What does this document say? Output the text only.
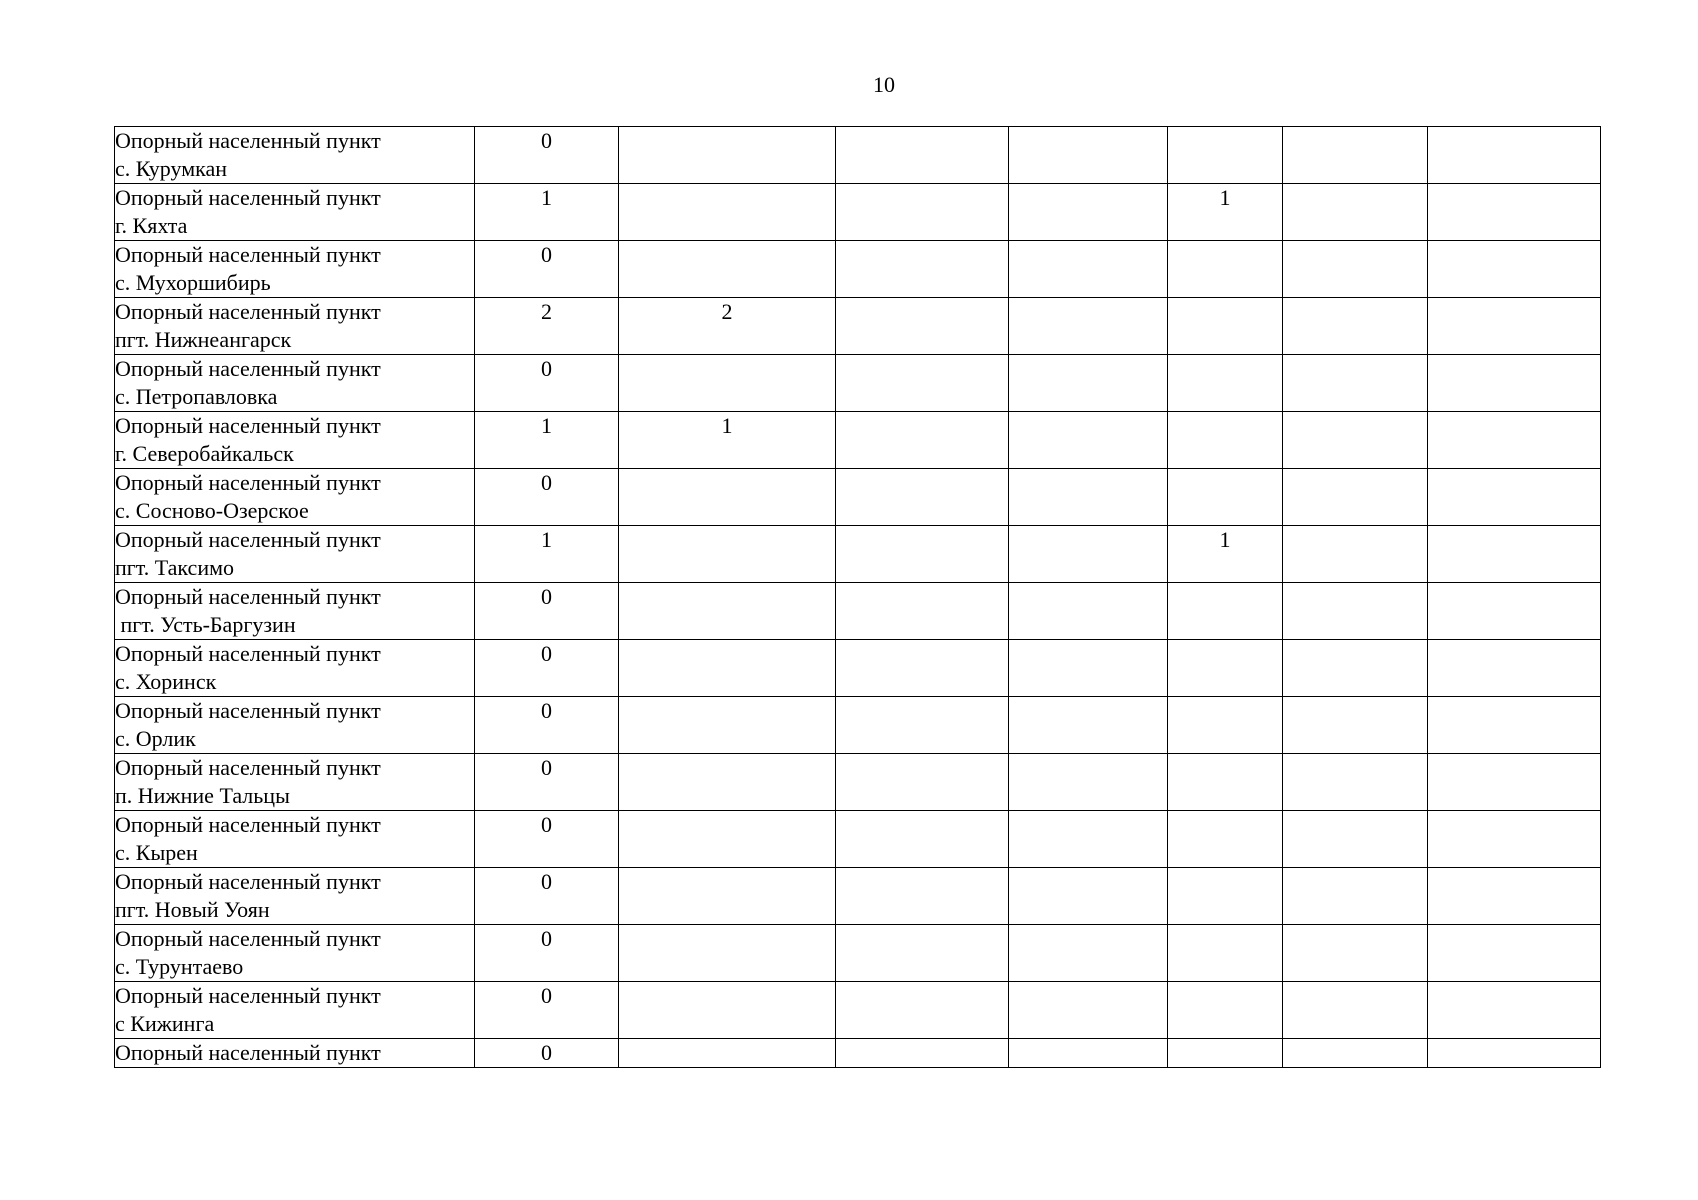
10
Опорный населенный пункт
с. Курумкан	0						

Опорный населенный пункт
г. Кяхта	1				1		

Опорный населенный пункт
с. Мухоршибирь	0						

Опорный населенный пункт
пгт. Нижнеангарск	2	2					

Опорный населенный пункт
с. Петропавловка	0						

Опорный населенный пункт
г. Северобайкальск	1	1					

Опорный населенный пункт
с. Сосново-Озерское	0						

Опорный населенный пункт
пгт. Таксимо	1				1		

Опорный населенный пункт
пгт. Усть-Баргузин	0						

Опорный населенный пункт
с. Хоринск	0						

Опорный населенный пункт
с. Орлик	0						

Опорный населенный пункт
п. Нижние Тальцы	0						

Опорный населенный пункт
с. Кырен	0						

Опорный населенный пункт
пгт. Новый Уоян	0						

Опорный населенный пункт
с. Турунтаево	0						

Опорный населенный пункт
с Кижинга	0						

Опорный населенный пункт	0						
